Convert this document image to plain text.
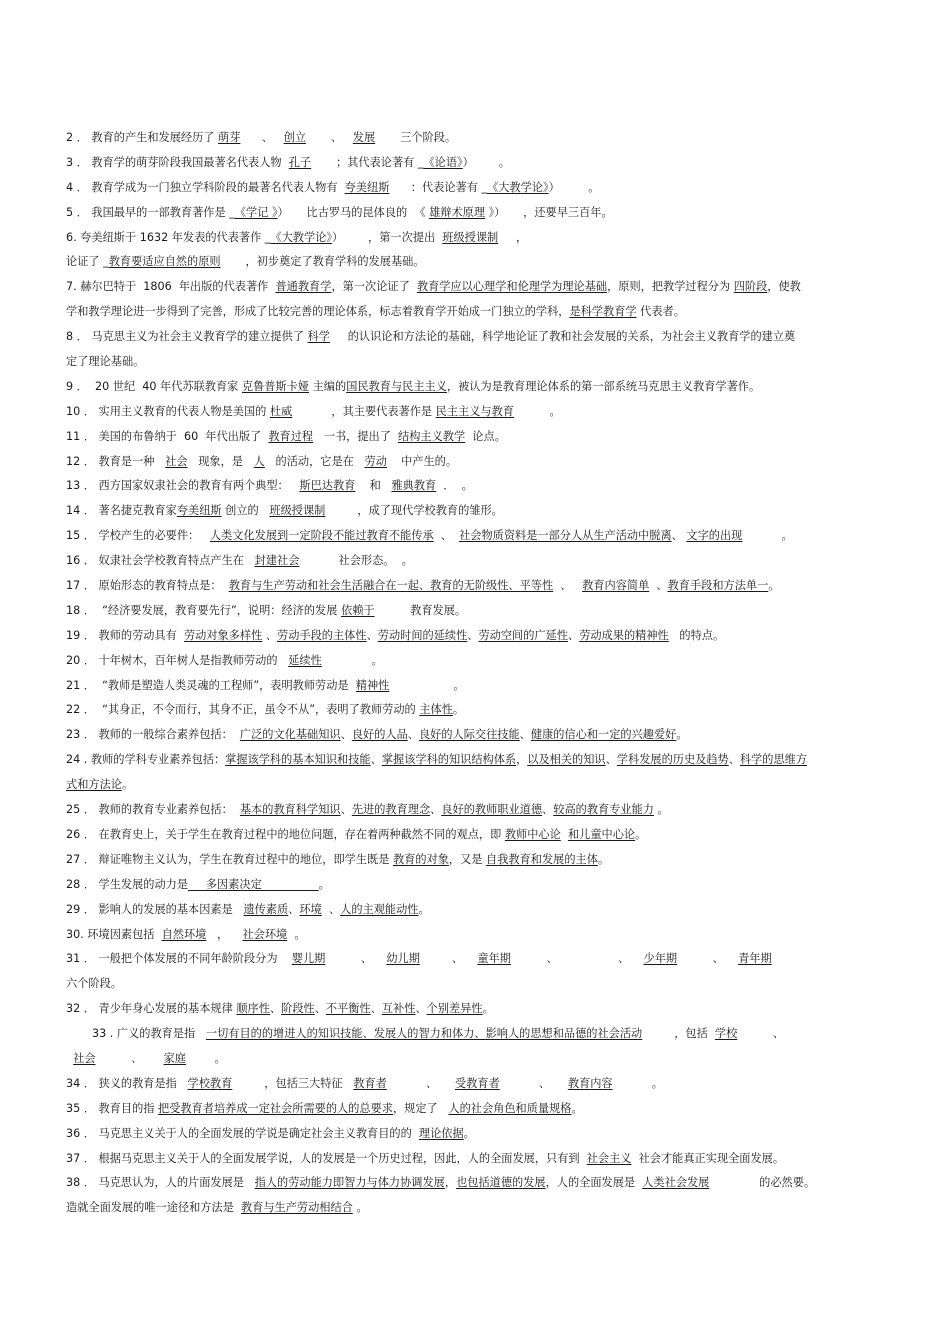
2 ． 教育的产生和发展经历了 萌芽      、   创立       、   发展       三个阶段。
3 ． 教育学的萌芽阶段我国最著名代表人物  孔子       ；其代表论著有 _《论语》）       。
4 ． 教育学成为一门独立学科阶段的最著名代表人物有  夸美纽斯      ：代表论著有 _《大教学论》）        。
5 ． 我国最早的一部教育著作是 _《学记 》）     比古罗马的昆体良的  《 雄辩术原理 》）     ，还要早三百年。
6. 夸美纽斯于 1632 年发表的代表著作 _《大教学论》）       ，第一次提出  班级授课制     ，
论证了 _教育要适应自然的原则       ，初步奠定了教育学科的发展基础。
7. 赫尔巴特于  1806  年出版的代表著作  普通教育学，第一次论证了  教育学应以心理学和伦理学为理论基础，原则，把教学过程分为 四阶段，使教
学和教学理论进一步得到了完善，形成了比较完善的理论体系，标志着教育学开始成一门独立的学科，是科学教育学 代表者。
8 ． 马克思主义为社会主义教育学的建立提供了 科学     的认识论和方法论的基础，科学地论证了教和社会发展的关系，为社会主义教育学的建立奠
定了理论基础。
9 ．  20 世纪  40 年代苏联教育家 克鲁普斯卡娅 主编的国民教育与民主主义，被认为是教育理论体系的第一部系统马克思主义教育学著作。
10 ． 实用主义教育的代表人物是美国的 杜威           ，其主要代表著作是 民主主义与教育          。
11 ． 美国的布鲁纳于  60  年代出版了  教育过程   一书，提出了  结构主义教学  论点。
12 ． 教育是一种   社会   现象，是   人   的活动，它是在   劳动    中产生的。
13 ． 西方国家奴隶社会的教育有两个典型：   斯巴达教育    和   雅典教育  ．  。
14 ． 著名捷克教育家夸美纽斯 创立的   班级授课制         ，成了现代学校教育的雏形。
15 ． 学校产生的必要件：   人类文化发展到一定阶段不能过教育不能传承  、  社会物质资料是一部分人从生产活动中脱离、 文字的出现           。
16 ． 奴隶社会学校教育特点产生在   封建社会           社会形态。  。
17 ． 原始形态的教育特点是：  教育与生产劳动和社会生活融合在一起、教育的无阶级性、平等性  、   教育内容简单  、教育手段和方法单一。
18 ．  “经济要发展，教育要先行”，说明：经济的发展 依赖于          教育发展。
19 ． 教师的劳动具有  劳动对象多样性 、劳动手段的主体性、劳动时间的延续性、劳动空间的广延性、劳动成果的精神性   的特点。
20 ． 十年树木，百年树人是指教师劳动的   延续性              。
21 ．  “教师是塑造人类灵魂的工程师”，表明教师劳动是  精神性                  。
22 ．  “其身正，不令而行，其身不正，虽令不从”，表明了教师劳动的 主体性。
23 ． 教师的一般综合素养包括：  广泛的文化基础知识、良好的人品、良好的人际交往技能、健康的信心和一定的兴趣爱好。
24 . 教师的学科专业素养包括：掌握该学科的基本知识和技能、掌握该学科的知识结构体系，以及相关的知识、学科发展的历史及趋势、科学的思维方
式和方法论。
25 ． 教师的教育专业素养包括：  基本的教育科学知识、先进的教育理念、良好的教师职业道德、较高的教育专业能力 。
26 ． 在教育史上，关于学生在教育过程中的地位问题，存在着两种截然不同的观点，即 教师中心论 和儿童中心论。
27 ． 辩证唯物主义认为，学生在教育过程中的地位，即学生既是 教育的对象，又是 自我教育和发展的主体。
28 ． 学生发展的动力是     多因素决定                。
29 ． 影响人的发展的基本因素是   遗传素质、环境  、人的主观能动性。
30. 环境因素包括  自然环境   ，    社会环境  。
31 ． 一般把个体发展的不同年龄阶段分为    婴儿期          、    幼儿期         、    童年期          、                 、    少年期          、    青年期
六个阶段。
32 ． 青少年身心发展的基本规律 顺序性、阶段性、不平衡性、互补性、个别差异性。
33 . 广义的教育是指   一切有目的的增进人的知识技能、发展人的智力和体力、影响人的思想和品德的社会活动         ，包括  学校          、
社会          、      家庭        。
34 ． 狭义的教育是指   学校教育         ，包括三大特征   教育者           、     受教育者           、     教育内容           。
35 ． 教育目的指 把受教育者培养成一定社会所需要的人的总要求，规定了   人的社会角色和质量规格。
36 ． 马克思主义关于人的全面发展的学说是确定社会主义教育目的的  理论依据。
37 ． 根据马克思主义关于人的全面发展学说，人的发展是一个历史过程，因此，人的全面发展，只有到  社会主义  社会才能真正实现全面发展。
38 ． 马克思认为，人的片面发展是   指人的劳动能力即智力与体力协调发展，也包括道德的发展，人的全面发展是  人类社会发展              的必然要。
造就全面发展的唯一途径和方法是  教育与生产劳动相结合 。
